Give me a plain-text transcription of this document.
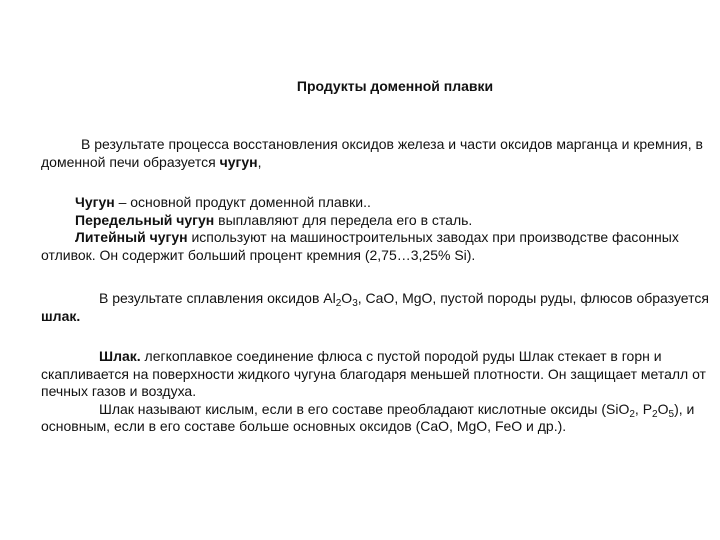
Продукты доменной плавки

В результате процесса восстановления оксидов железа и части оксидов марганца и кремния, в доменной печи образуется чугун,

Чугун – основной продукт доменной плавки..
Передельный чугун выплавляют для передела его в сталь.
Литейный чугун используют на машиностроительных заводах при производстве фасонных отливок. Он содержит больший процент кремния (2,75…3,25% Si).

В результате сплавления оксидов $Al_2O_3$, CaO, MgO, пустой породы руды, флюсов образуется шлак.

Шлак. легкоплавкое соединение флюса с пустой породой руды Шлак стекает в горн и скапливается на поверхности жидкого чугуна благодаря меньшей плотности. Он защищает металл от печных газов и воздуха.
Шлак называют кислым, если в его составе преобладают кислотные оксиды (SiO$_2$, $P_2O_5$), и основным, если в его составе больше основных оксидов (CaO, MgO, FeO и др.).
